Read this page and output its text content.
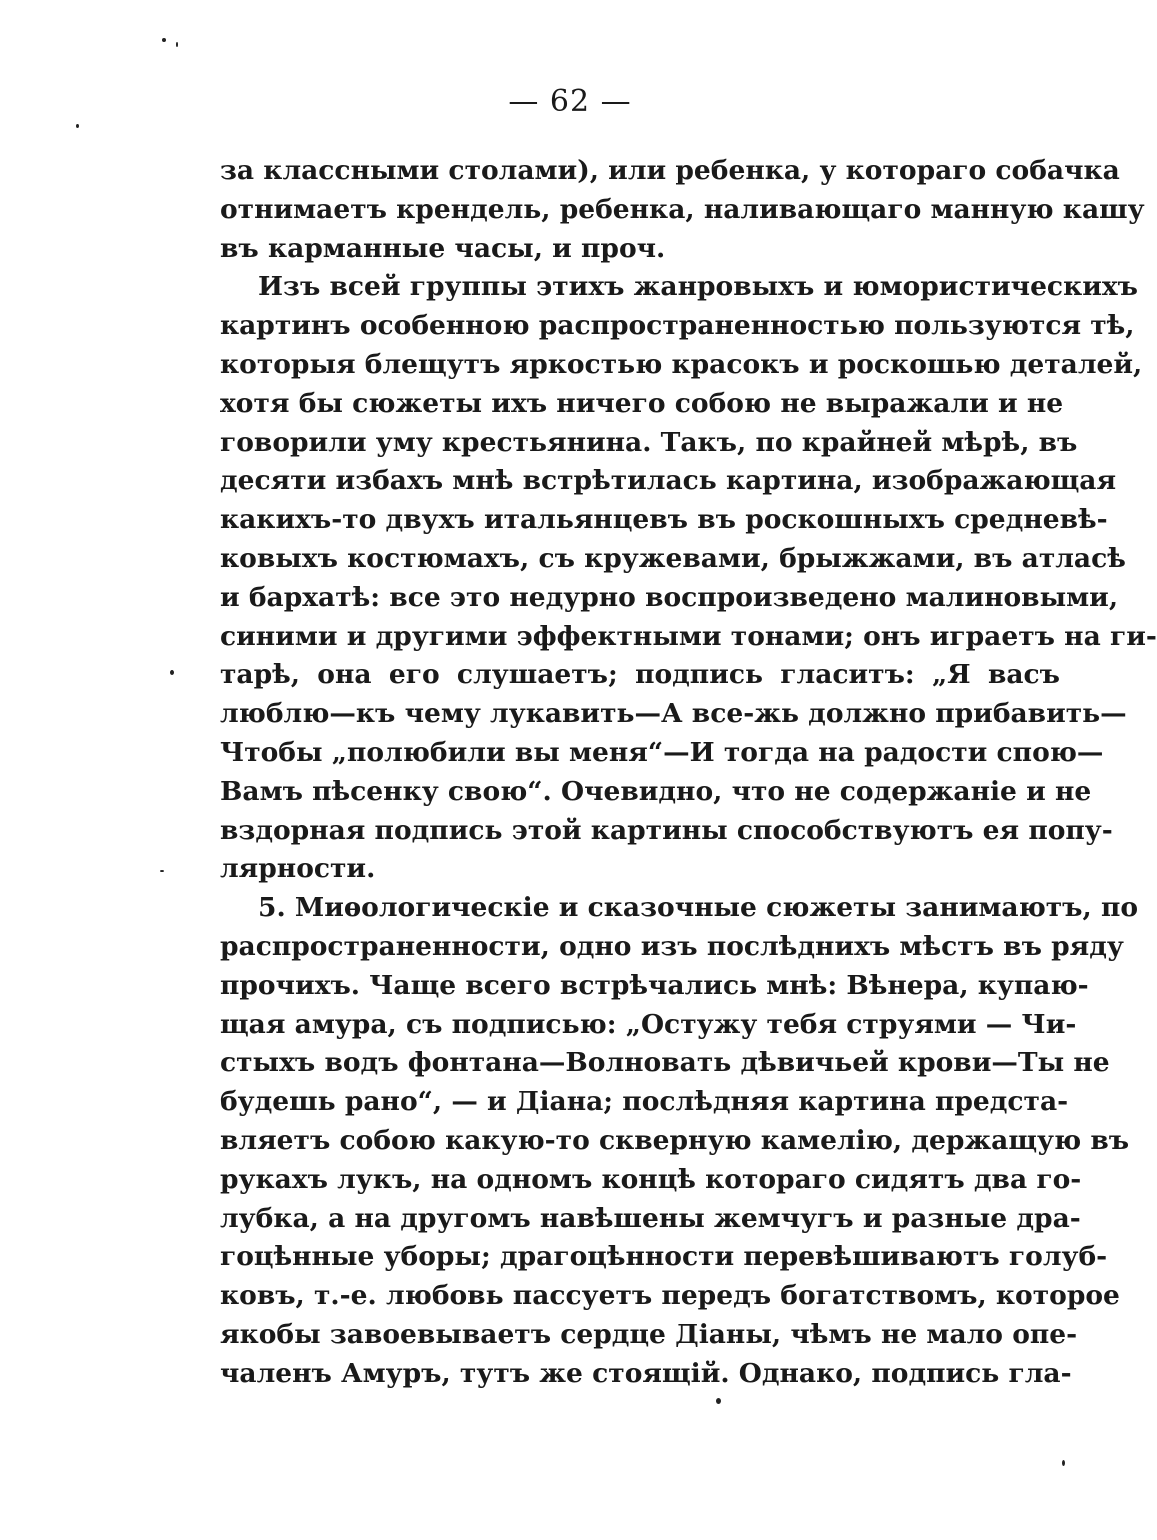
— 62 —
за классными столами), или ребенка, у котораго собачка
отнимаетъ крендель, ребенка, наливающаго манную кашу
въ карманные часы, и проч.
Изъ всей группы этихъ жанровыхъ и юмористическихъ
картинъ особенною распространенностью пользуются тѣ,
которыя блещутъ яркостью красокъ и роскошью деталей,
хотя бы сюжеты ихъ ничего собою не выражали и не
говорили уму крестьянина. Такъ, по крайней мѣрѣ, въ
десяти избахъ мнѣ встрѣтилась картина, изображающая
какихъ-то двухъ итальянцевъ въ роскошныхъ средневѣ-
ковыхъ костюмахъ, съ кружевами, брыжжами, въ атласѣ
и бархатѣ: все это недурно воспроизведено малиновыми,
синими и другими эффектными тонами; онъ играетъ на ги-
тарѣ, она его слушаетъ; подпись гласитъ: „Я васъ
люблю—къ чему лукавить—А все-жь должно прибавить—
Чтобы „полюбили вы меня“—И тогда на радости спою—
Вамъ пѣсенку свою“. Очевидно, что не содержаніе и не
вздорная подпись этой картины способствуютъ ея попу-
лярности.
5. Миѳологическіе и сказочные сюжеты занимаютъ, по
распространенности, одно изъ послѣднихъ мѣстъ въ ряду
прочихъ. Чаще всего встрѣчались мнѣ: Вѣнера, купаю-
щая амура, съ подписью: „Остужу тебя струями — Чи-
стыхъ водъ фонтана—Волновать дѣвичьей крови—Ты не
будешь рано“, — и Діана; послѣдняя картина предста-
вляетъ собою какую-то скверную камелію, держащую въ
рукахъ лукъ, на одномъ концѣ котораго сидятъ два го-
лубка, а на другомъ навѣшены жемчугъ и разные дра-
гоцѣнные уборы; драгоцѣнности перевѣшиваютъ голуб-
ковъ, т.-е. любовь пассуетъ передъ богатствомъ, которое
якобы завоевываетъ сердце Діаны, чѣмъ не мало опе-
чаленъ Амуръ, тутъ же стоящій. Однако, подпись гла-
